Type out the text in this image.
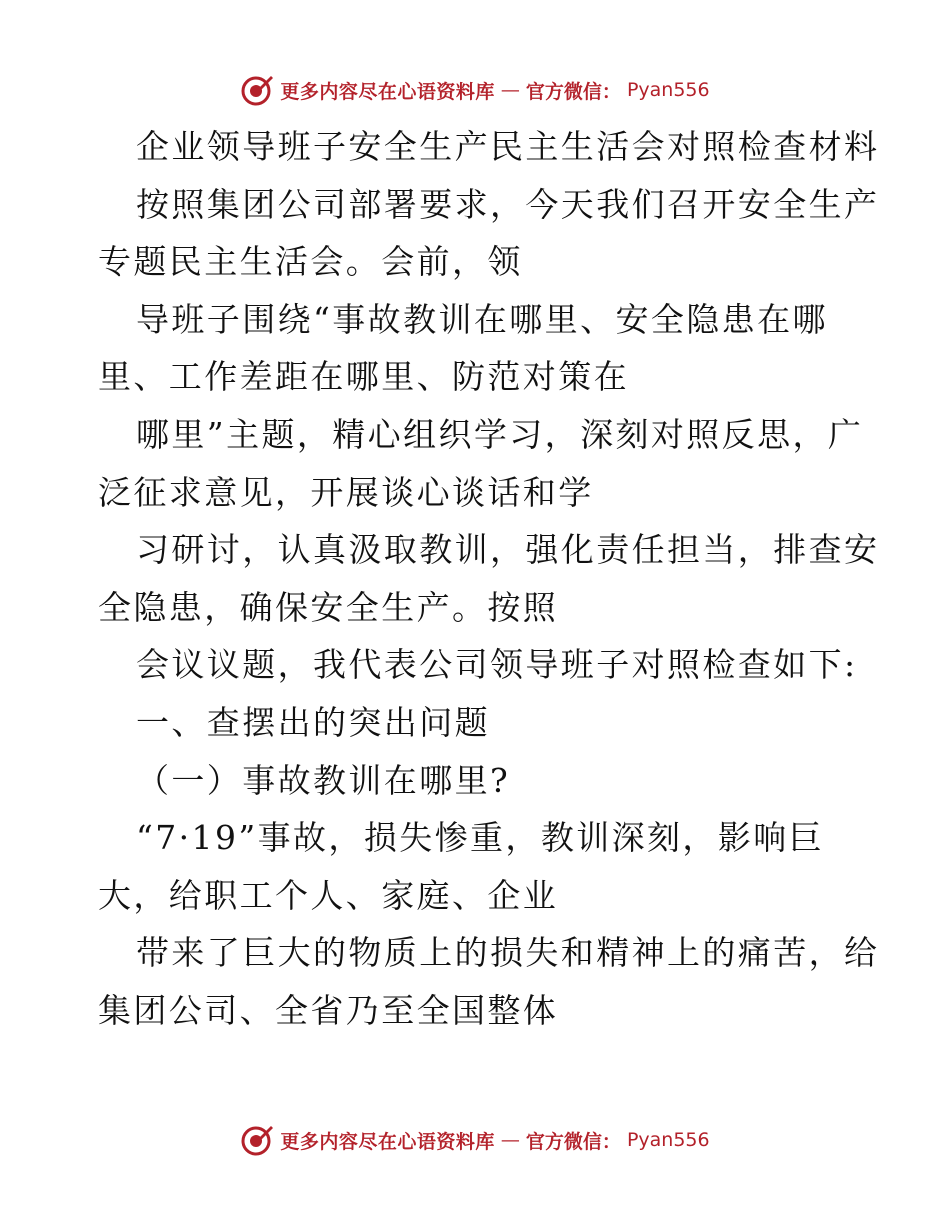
更多内容尽在心语资料库 — 官方微信： Pyan556
企业领导班子安全生产民主生活会对照检查材料
按照集团公司部署要求，今天我们召开安全生产
专题民主生活会。会前，领
导班子围绕“事故教训在哪里、安全隐患在哪
里、工作差距在哪里、防范对策在
哪里”主题，精心组织学习，深刻对照反思，广
泛征求意见，开展谈心谈话和学
习研讨，认真汲取教训，强化责任担当，排查安
全隐患，确保安全生产。按照
会议议题，我代表公司领导班子对照检查如下:
一、查摆出的突出问题
（一）事故教训在哪里?
“7·19”事故，损失惨重，教训深刻，影响巨
大，给职工个人、家庭、企业
带来了巨大的物质上的损失和精神上的痛苦，给
集团公司、全省乃至全国整体
更多内容尽在心语资料库 — 官方微信： Pyan556
